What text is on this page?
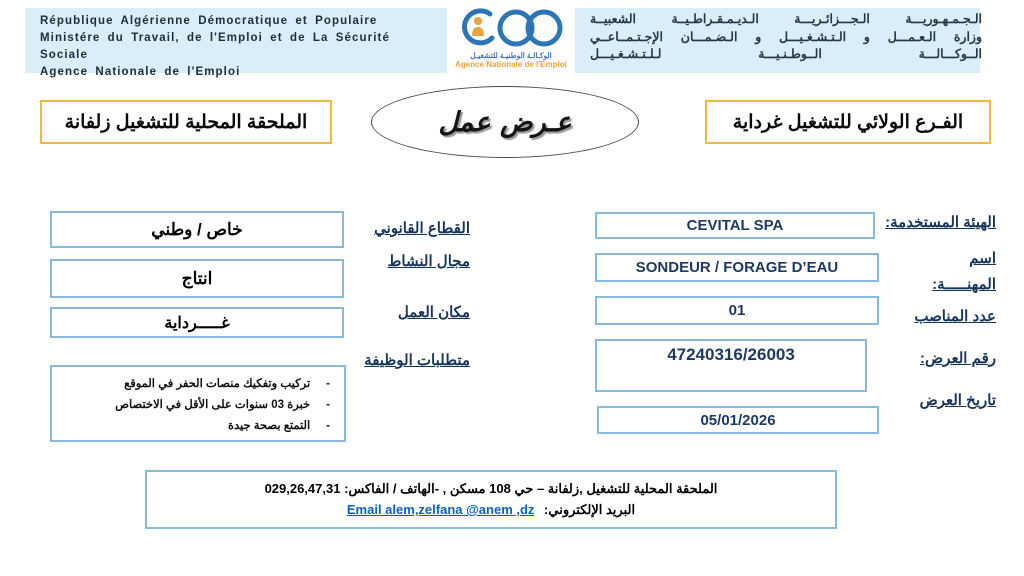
République Algérienne Démocratique et Populaire
Ministére du Travail, de l'Emploi et de La Sécurité Sociale
Agence Nationale de l'Emploi
الـجـمـهـوريـــة الـجـــزائـريـــة الـديـمـقـراطـيــة الشعبيــة
وزارة الـعـمـــل و الـتـشـغـيـــل و الـضـمـــان الإجـتـمــاعــي
الــوكـــالـــة الــوطـنـيـــة لـلـتـشـغـيـــل
الوكـالـة الوطنيـة للتشغيـل
Agence Nationale de l'Emploi
الملحقة المحلية للتشغيل زلفانة	عـرض عمل	الفـرع الولائي للتشغيل غرداية
الهيئة المستخدمة:
اسم
المهنـــــة:
عدد المناصب
رقم العرض:
تاريخ العرض
CEVITAL SPA
SONDEUR / FORAGE D’EAU
01
47240316/26003
05/01/2026
القطاع القانوني
مجال النشاط
مكان العمل
متطلبات الوظيفة
خاص / وطني
انتاج
غـــــرداية
- تركيب وتفكيك منصات الحفر في الموقع
- خبرة 03 سنوات على الأقل في الاختصاص
- التمتع بصحة جيدة
الملحقة المحلية للتشغيل ,زلفانة – حي 108 مسكن , -الهاتف / الفاكس: 029,26,47,31
البريد الإلكتروني: Email alem,zelfana @anem ,dz
